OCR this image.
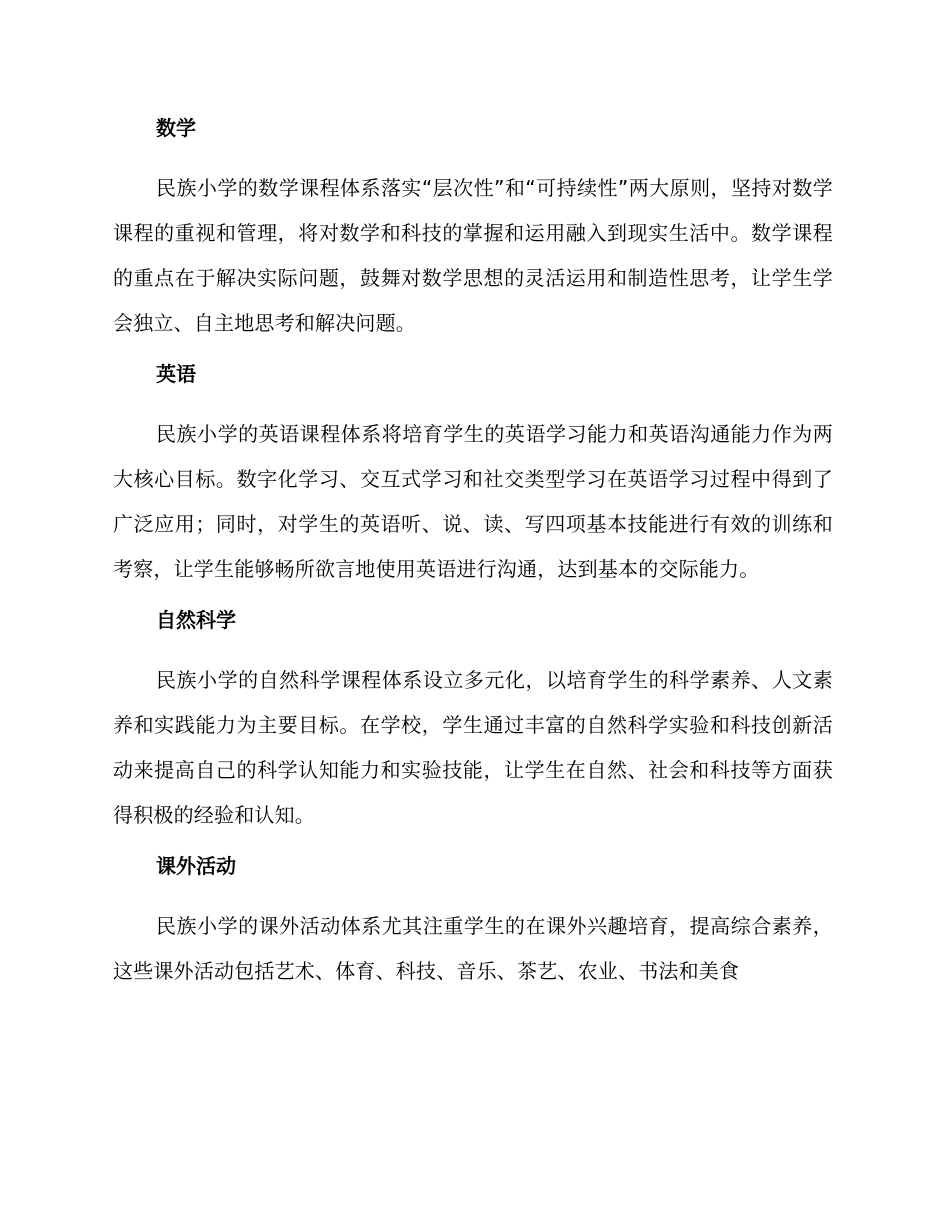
数学
民族小学的数学课程体系落实“层次性”和“可持续性”两大原则，坚持对数学课程的重视和管理，将对数学和科技的掌握和运用融入到现实生活中。数学课程的重点在于解决实际问题，鼓舞对数学思想的灵活运用和制造性思考，让学生学会独立、自主地思考和解决问题。
英语
民族小学的英语课程体系将培育学生的英语学习能力和英语沟通能力作为两大核心目标。数字化学习、交互式学习和社交类型学习在英语学习过程中得到了广泛应用；同时，对学生的英语听、说、读、写四项基本技能进行有效的训练和考察，让学生能够畅所欲言地使用英语进行沟通，达到基本的交际能力。
自然科学
民族小学的自然科学课程体系设立多元化，以培育学生的科学素养、人文素养和实践能力为主要目标。在学校，学生通过丰富的自然科学实验和科技创新活动来提高自己的科学认知能力和实验技能，让学生在自然、社会和科技等方面获得积极的经验和认知。
课外活动
民族小学的课外活动体系尤其注重学生的在课外兴趣培育，提高综合素养，这些课外活动包括艺术、体育、科技、音乐、茶艺、农业、书法和美食
